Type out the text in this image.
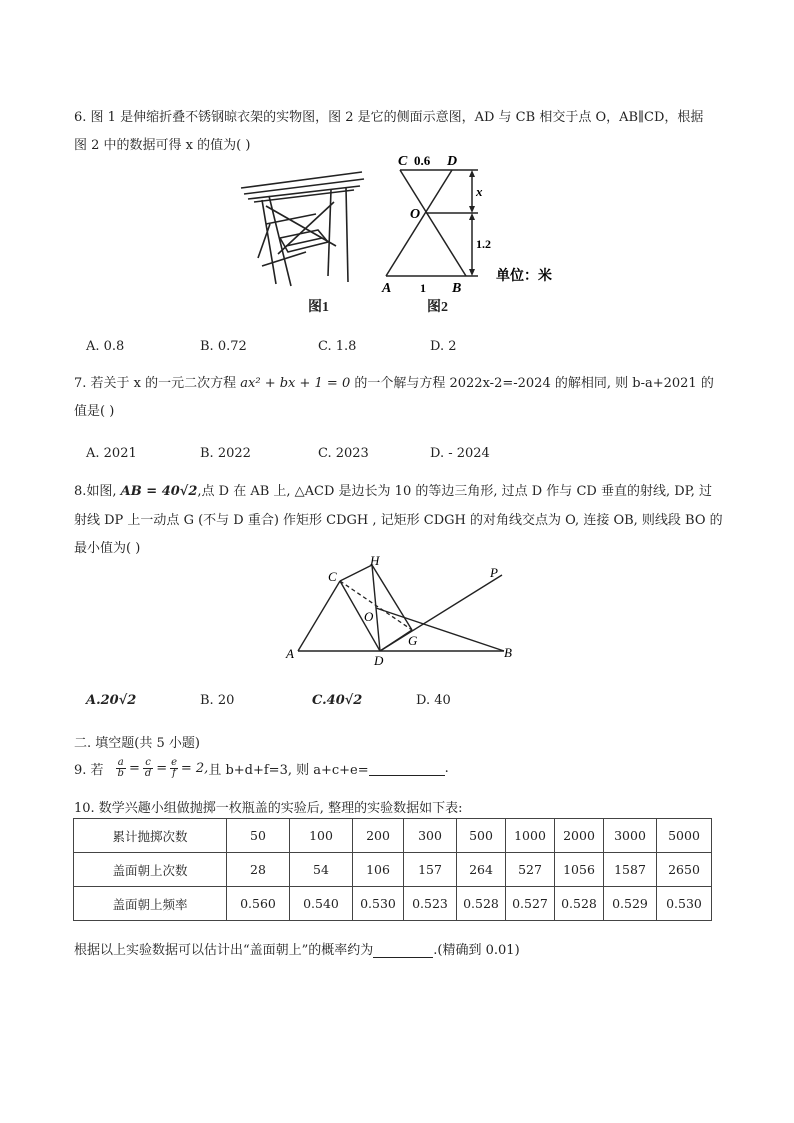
6. 图 1 是伸缩折叠不锈钢晾衣架的实物图，图 2 是它的侧面示意图，AD 与 CB 相交于点 O，AB∥CD，根据
图 2 中的数据可得 x 的值为( )
C 0.6 D
O
x
1.2
单位：米
A 1 B
图1	图2
A. 0.8	B. 0.72	C. 1.8	D. 2
7. 若关于 x 的一元二次方程 ax² + bx + 1 = 0 的一个解与方程 2022x-2=-2024 的解相同, 则 b-a+2021 的
值是( )
A. 2021	B. 2022	C. 2023	D. - 2024
8.如图, AB = 40√2,点 D 在 AB 上, △ACD 是边长为 10 的等边三角形, 过点 D 作与 CD 垂直的射线, DP, 过
射线 DP 上一动点 G (不与 D 重合) 作矩形 CDGH , 记矩形 CDGH 的对角线交点为 O, 连接 OB, 则线段 BO 的
最小值为( )
A
C
H
O
G
D
B
P
A.20√2	B. 20	C.40√2	D. 40
二. 填空题(共 5 小题)
9. 若 $\frac{a}{b} = \frac{c}{d} = \frac{e}{f} = 2$, 且 b+d+f=3, 则 a+c+e=	.
10. 数学兴趣小组做抛掷一枚瓶盖的实验后, 整理的实验数据如下表:
累计抛掷次数	50	100	200	300	500	1000	2000	3000	5000
盖面朝上次数	28	54	106	157	264	527	1056	1587	2650
盖面朝上频率	0.560	0.540	0.530	0.523	0.528	0.527	0.528	0.529	0.530
根据以上实验数据可以估计出“盖面朝上”的概率约为	.(精确到 0.01)
